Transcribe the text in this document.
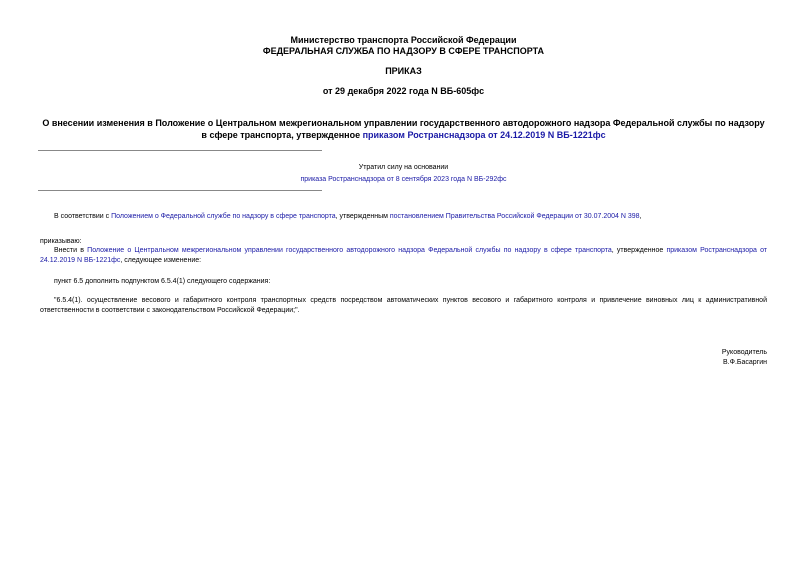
Министерство транспорта Российской Федерации
ФЕДЕРАЛЬНАЯ СЛУЖБА ПО НАДЗОРУ В СФЕРЕ ТРАНСПОРТА
ПРИКАЗ
от 29 декабря 2022 года N ВБ-605фс
О внесении изменения в Положение о Центральном межрегиональном управлении государственного автодорожного надзора Федеральной службы по надзору в сфере транспорта, утвержденное приказом Ространснадзора от 24.12.2019 N ВБ-1221фс
Утратил силу на основании
приказа Ространснадзора от 8 сентября 2023 года N ВБ-292фс
В соответствии с Положением о Федеральной службе по надзору в сфере транспорта, утвержденным постановлением Правительства Российской Федерации от 30.07.2004 N 398,
приказываю:
Внести в Положение о Центральном межрегиональном управлении государственного автодорожного надзора Федеральной службы по надзору в сфере транспорта, утвержденное приказом Ространснадзора от 24.12.2019 N ВБ-1221фс, следующее изменение:
пункт 6.5 дополнить подпунктом 6.5.4(1) следующего содержания:
"6.5.4(1). осуществление весового и габаритного контроля транспортных средств посредством автоматических пунктов весового и габаритного контроля и привлечение виновных лиц к административной ответственности в соответствии с законодательством Российской Федерации;".
Руководитель
В.Ф.Басаргин
